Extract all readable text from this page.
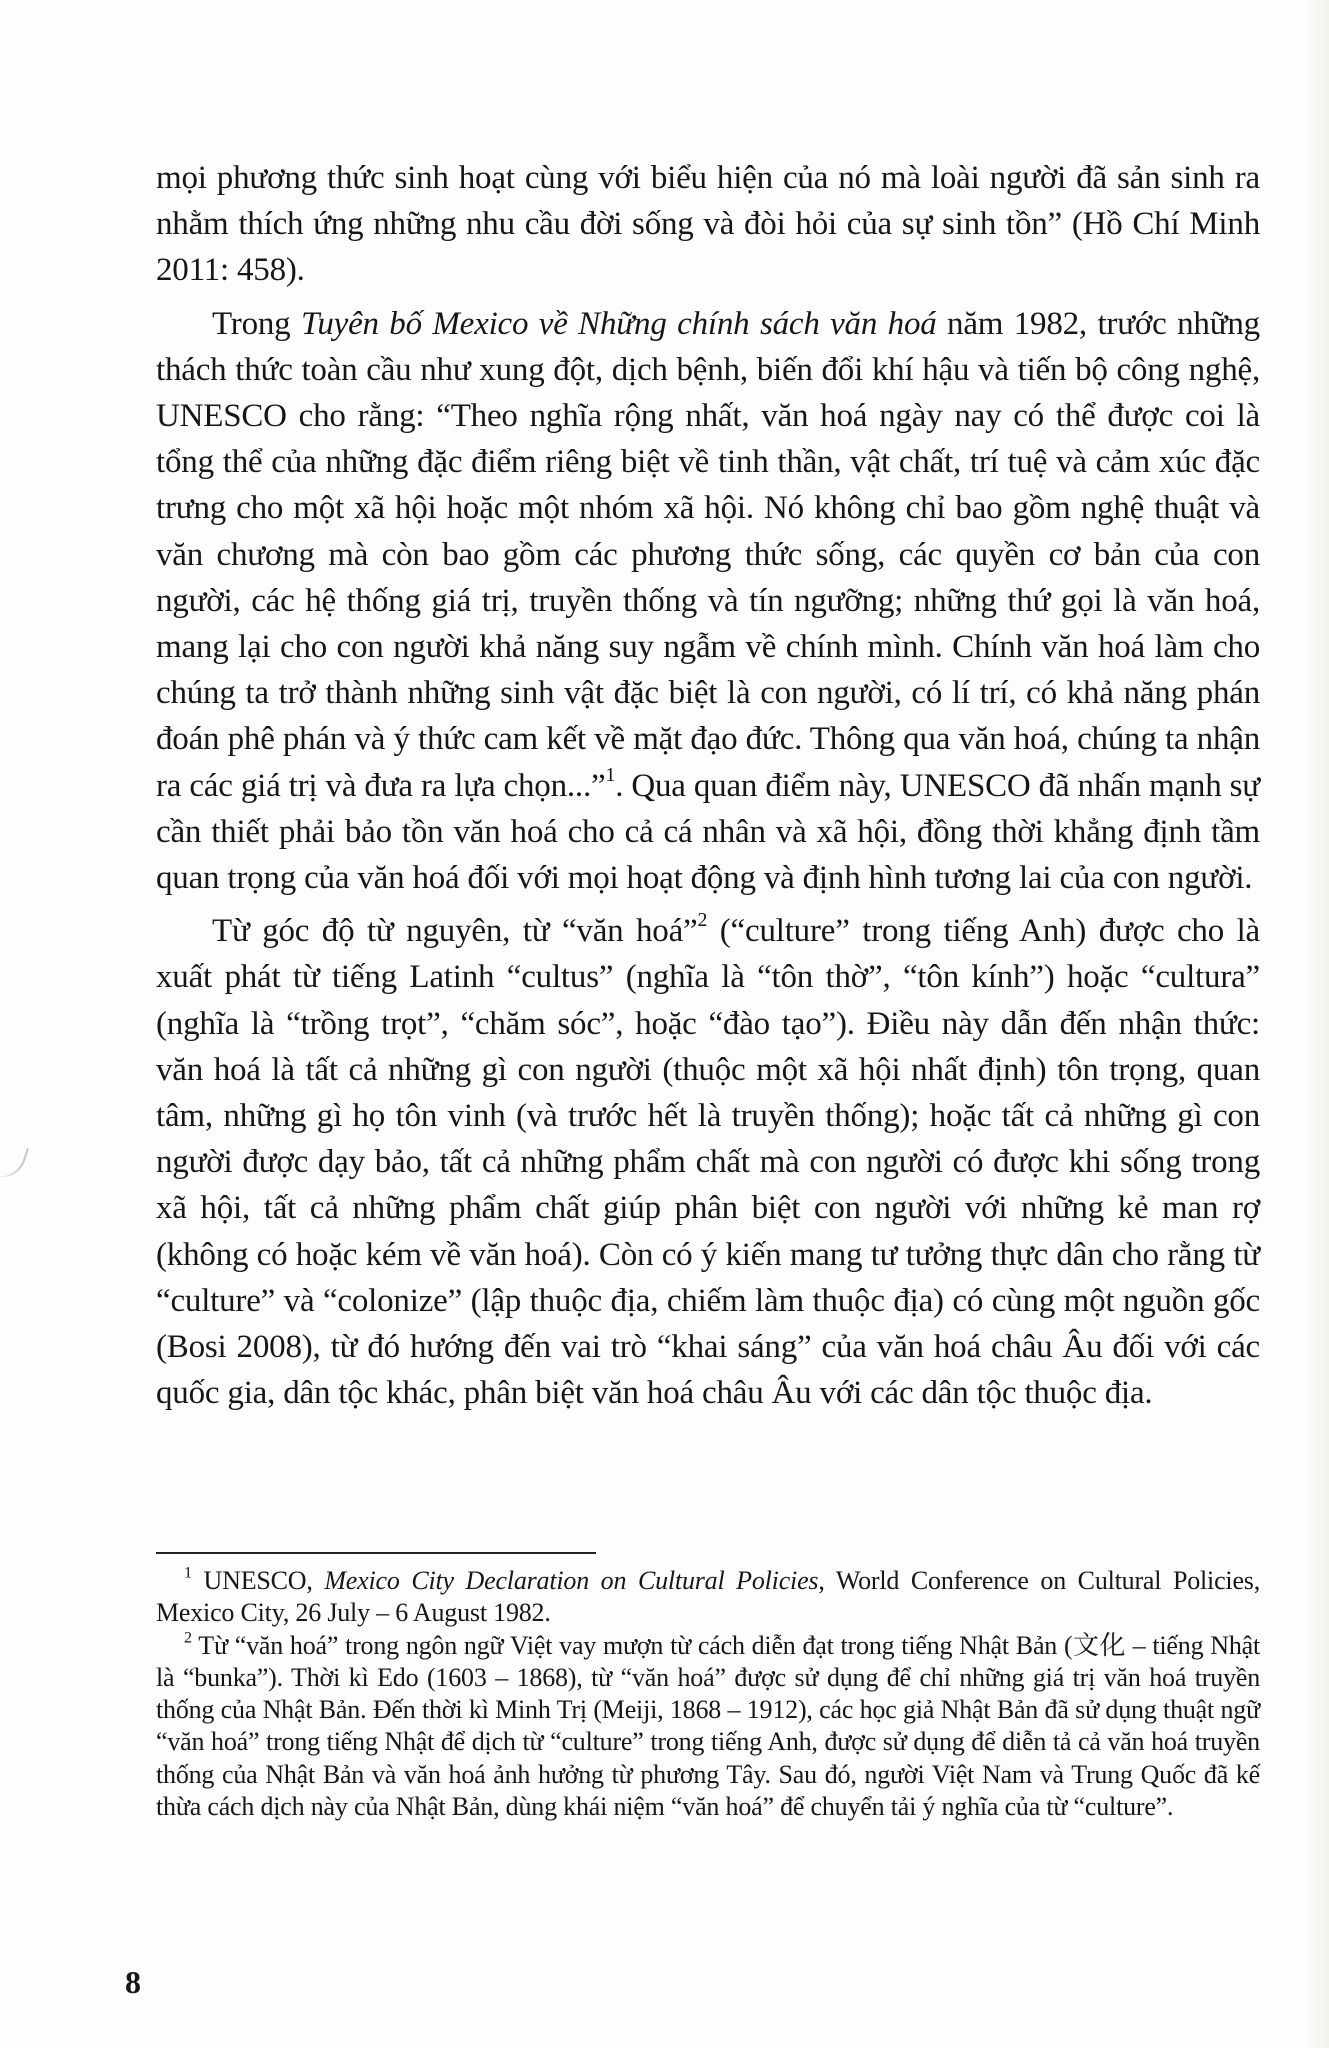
mọi phương thức sinh hoạt cùng với biểu hiện của nó mà loài người đã sản sinh ra nhằm thích ứng những nhu cầu đời sống và đòi hỏi của sự sinh tồn” (Hồ Chí Minh 2011: 458).

Trong Tuyên bố Mexico về Những chính sách văn hoá năm 1982, trước những thách thức toàn cầu như xung đột, dịch bệnh, biến đổi khí hậu và tiến bộ công nghệ, UNESCO cho rằng: “Theo nghĩa rộng nhất, văn hoá ngày nay có thể được coi là tổng thể của những đặc điểm riêng biệt về tinh thần, vật chất, trí tuệ và cảm xúc đặc trưng cho một xã hội hoặc một nhóm xã hội. Nó không chỉ bao gồm nghệ thuật và văn chương mà còn bao gồm các phương thức sống, các quyền cơ bản của con người, các hệ thống giá trị, truyền thống và tín ngưỡng; những thứ gọi là văn hoá, mang lại cho con người khả năng suy ngẫm về chính mình. Chính văn hoá làm cho chúng ta trở thành những sinh vật đặc biệt là con người, có lí trí, có khả năng phán đoán phê phán và ý thức cam kết về mặt đạo đức. Thông qua văn hoá, chúng ta nhận ra các giá trị và đưa ra lựa chọn...”$^1$. Qua quan điểm này, UNESCO đã nhấn mạnh sự cần thiết phải bảo tồn văn hoá cho cả cá nhân và xã hội, đồng thời khẳng định tầm quan trọng của văn hoá đối với mọi hoạt động và định hình tương lai của con người.

Từ góc độ từ nguyên, từ “văn hoá”$^2$ (“culture” trong tiếng Anh) được cho là xuất phát từ tiếng Latinh “cultus” (nghĩa là “tôn thờ”, “tôn kính”) hoặc “cultura” (nghĩa là “trồng trọt”, “chăm sóc”, hoặc “đào tạo”). Điều này dẫn đến nhận thức: văn hoá là tất cả những gì con người (thuộc một xã hội nhất định) tôn trọng, quan tâm, những gì họ tôn vinh (và trước hết là truyền thống); hoặc tất cả những gì con người được dạy bảo, tất cả những phẩm chất mà con người có được khi sống trong xã hội, tất cả những phẩm chất giúp phân biệt con người với những kẻ man rợ (không có hoặc kém về văn hoá). Còn có ý kiến mang tư tưởng thực dân cho rằng từ “culture” và “colonize” (lập thuộc địa, chiếm làm thuộc địa) có cùng một nguồn gốc (Bosi 2008), từ đó hướng đến vai trò “khai sáng” của văn hoá châu Âu đối với các quốc gia, dân tộc khác, phân biệt văn hoá châu Âu với các dân tộc thuộc địa.

$^1$ UNESCO, Mexico City Declaration on Cultural Policies, World Conference on Cultural Policies, Mexico City, 26 July – 6 August 1982.

$^2$ Từ “văn hoá” trong ngôn ngữ Việt vay mượn từ cách diễn đạt trong tiếng Nhật Bản (文化 – tiếng Nhật là “bunka”). Thời kì Edo (1603 – 1868), từ “văn hoá” được sử dụng để chỉ những giá trị văn hoá truyền thống của Nhật Bản. Đến thời kì Minh Trị (Meiji, 1868 – 1912), các học giả Nhật Bản đã sử dụng thuật ngữ “văn hoá” trong tiếng Nhật để dịch từ “culture” trong tiếng Anh, được sử dụng để diễn tả cả văn hoá truyền thống của Nhật Bản và văn hoá ảnh hưởng từ phương Tây. Sau đó, người Việt Nam và Trung Quốc đã kế thừa cách dịch này của Nhật Bản, dùng khái niệm “văn hoá” để chuyển tải ý nghĩa của từ “culture”.

8
